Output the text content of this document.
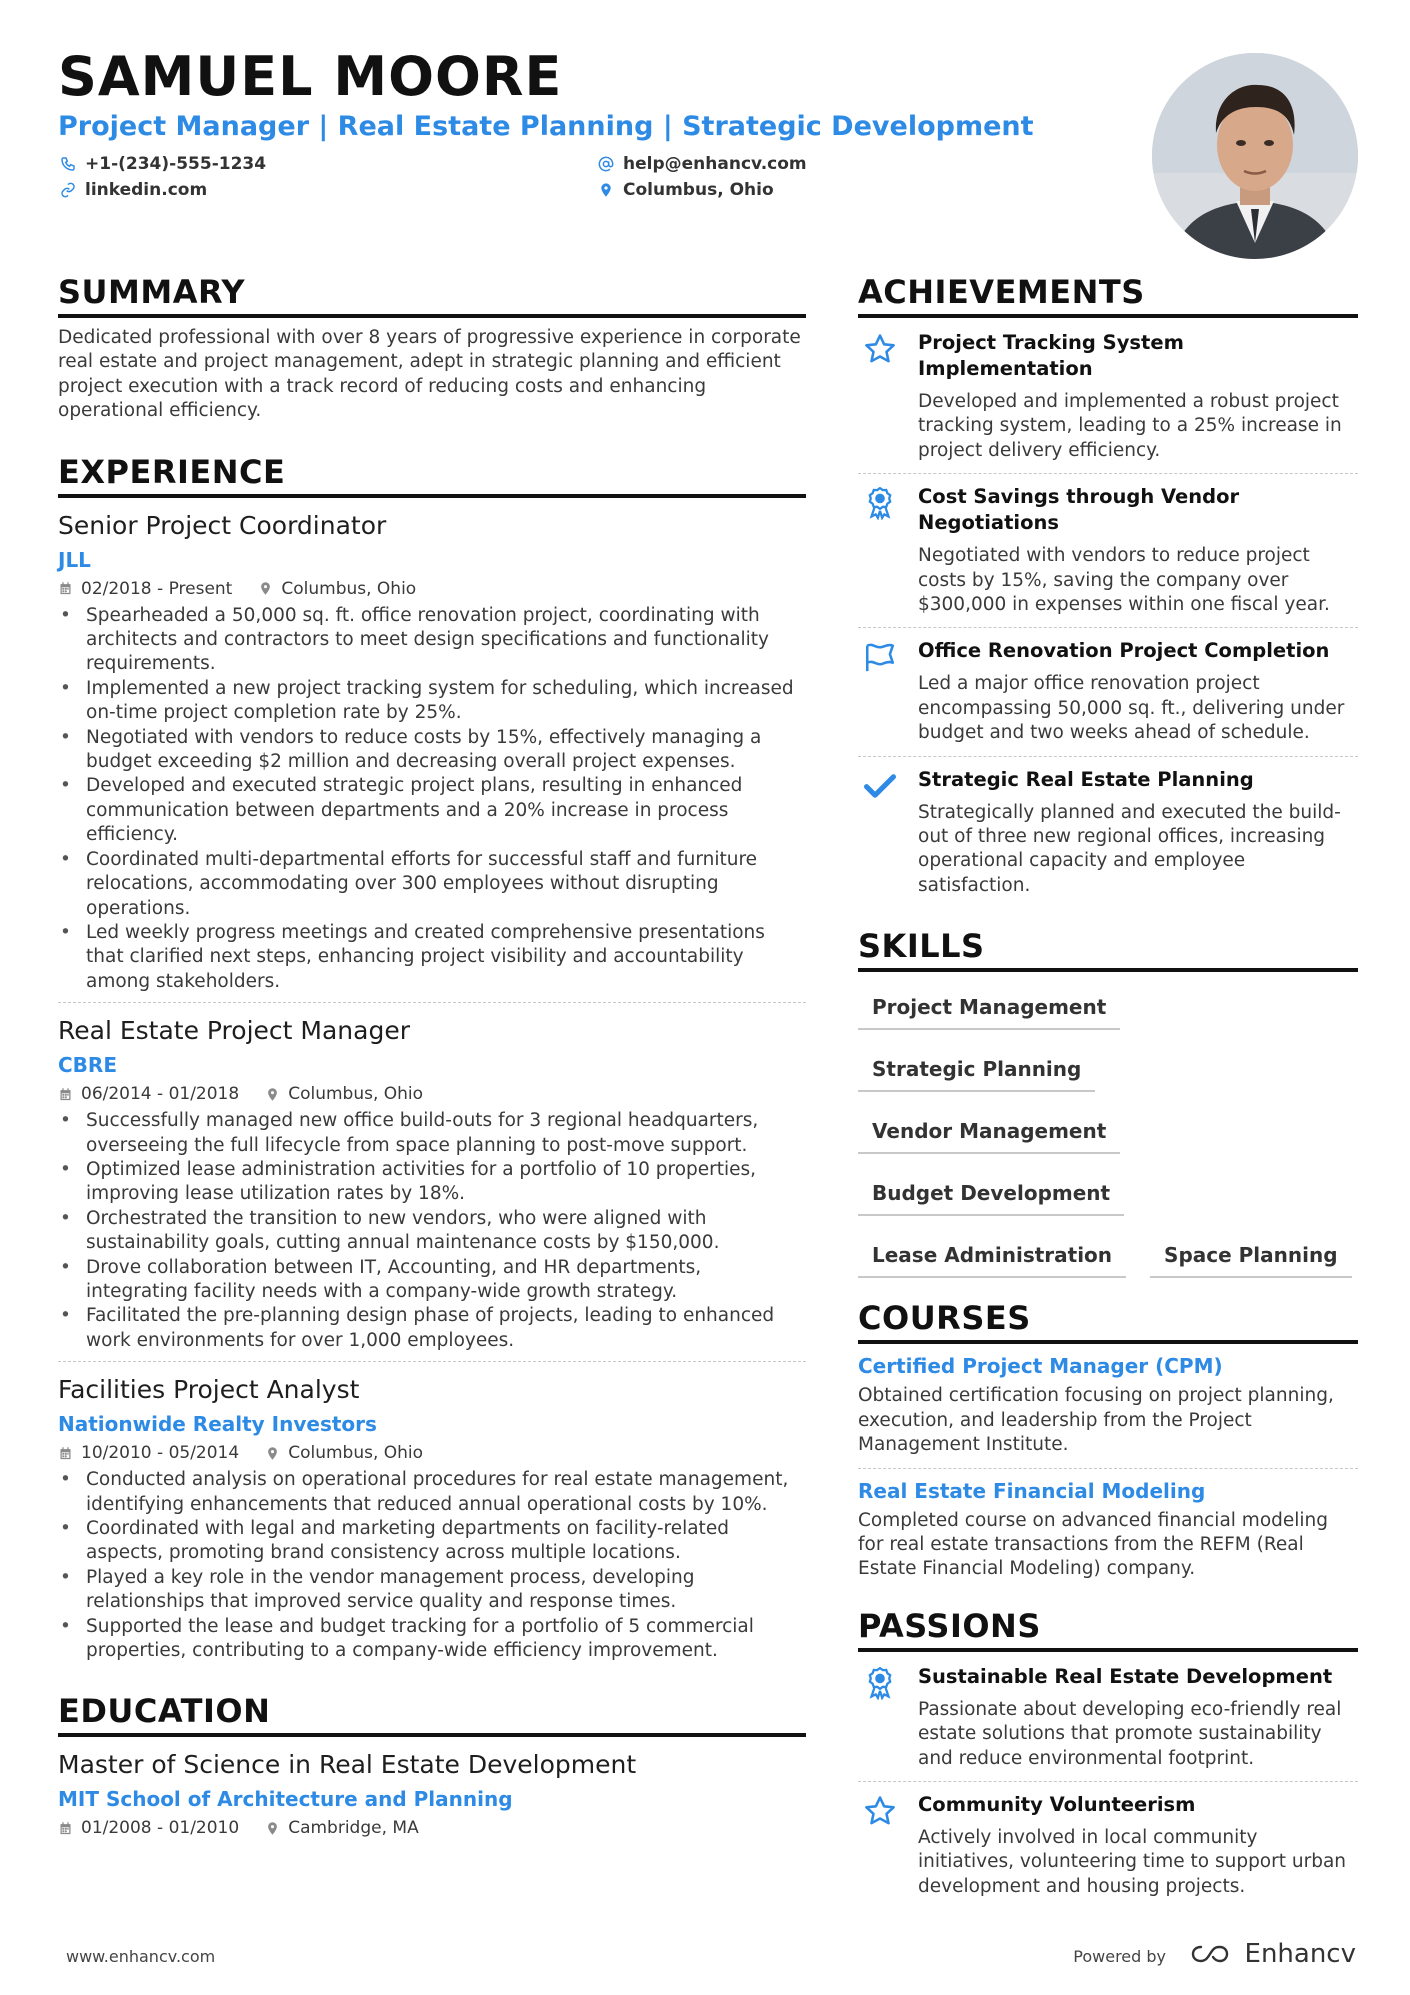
SAMUEL MOORE
Project Manager | Real Estate Planning | Strategic Development
+1-(234)-555-1234	help@enhancv.com
linkedin.com	Columbus, Ohio
SUMMARY
Dedicated professional with over 8 years of progressive experience in corporate real estate and project management, adept in strategic planning and efficient project execution with a track record of reducing costs and enhancing operational efficiency.
EXPERIENCE
Senior Project Coordinator
JLL
02/2018 - Present	Columbus, Ohio
• Spearheaded a 50,000 sq. ft. office renovation project, coordinating with architects and contractors to meet design specifications and functionality requirements.
• Implemented a new project tracking system for scheduling, which increased on-time project completion rate by 25%.
• Negotiated with vendors to reduce costs by 15%, effectively managing a budget exceeding $2 million and decreasing overall project expenses.
• Developed and executed strategic project plans, resulting in enhanced communication between departments and a 20% increase in process efficiency.
• Coordinated multi-departmental efforts for successful staff and furniture relocations, accommodating over 300 employees without disrupting operations.
• Led weekly progress meetings and created comprehensive presentations that clarified next steps, enhancing project visibility and accountability among stakeholders.
Real Estate Project Manager
CBRE
06/2014 - 01/2018	Columbus, Ohio
• Successfully managed new office build-outs for 3 regional headquarters, overseeing the full lifecycle from space planning to post-move support.
• Optimized lease administration activities for a portfolio of 10 properties, improving lease utilization rates by 18%.
• Orchestrated the transition to new vendors, who were aligned with sustainability goals, cutting annual maintenance costs by $150,000.
• Drove collaboration between IT, Accounting, and HR departments, integrating facility needs with a company-wide growth strategy.
• Facilitated the pre-planning design phase of projects, leading to enhanced work environments for over 1,000 employees.
Facilities Project Analyst
Nationwide Realty Investors
10/2010 - 05/2014	Columbus, Ohio
• Conducted analysis on operational procedures for real estate management, identifying enhancements that reduced annual operational costs by 10%.
• Coordinated with legal and marketing departments on facility-related aspects, promoting brand consistency across multiple locations.
• Played a key role in the vendor management process, developing relationships that improved service quality and response times.
• Supported the lease and budget tracking for a portfolio of 5 commercial properties, contributing to a company-wide efficiency improvement.
EDUCATION
Master of Science in Real Estate Development
MIT School of Architecture and Planning
01/2008 - 01/2010	Cambridge, MA
ACHIEVEMENTS
Project Tracking System Implementation
Developed and implemented a robust project tracking system, leading to a 25% increase in project delivery efficiency.
Cost Savings through Vendor Negotiations
Negotiated with vendors to reduce project costs by 15%, saving the company over $300,000 in expenses within one fiscal year.
Office Renovation Project Completion
Led a major office renovation project encompassing 50,000 sq. ft., delivering under budget and two weeks ahead of schedule.
Strategic Real Estate Planning
Strategically planned and executed the build-out of three new regional offices, increasing operational capacity and employee satisfaction.
SKILLS
Project Management
Strategic Planning
Vendor Management
Budget Development
Lease Administration	Space Planning
COURSES
Certified Project Manager (CPM)
Obtained certification focusing on project planning, execution, and leadership from the Project Management Institute.
Real Estate Financial Modeling
Completed course on advanced financial modeling for real estate transactions from the REFM (Real Estate Financial Modeling) company.
PASSIONS
Sustainable Real Estate Development
Passionate about developing eco-friendly real estate solutions that promote sustainability and reduce environmental footprint.
Community Volunteerism
Actively involved in local community initiatives, volunteering time to support urban development and housing projects.
www.enhancv.com	Powered by	Enhancv
